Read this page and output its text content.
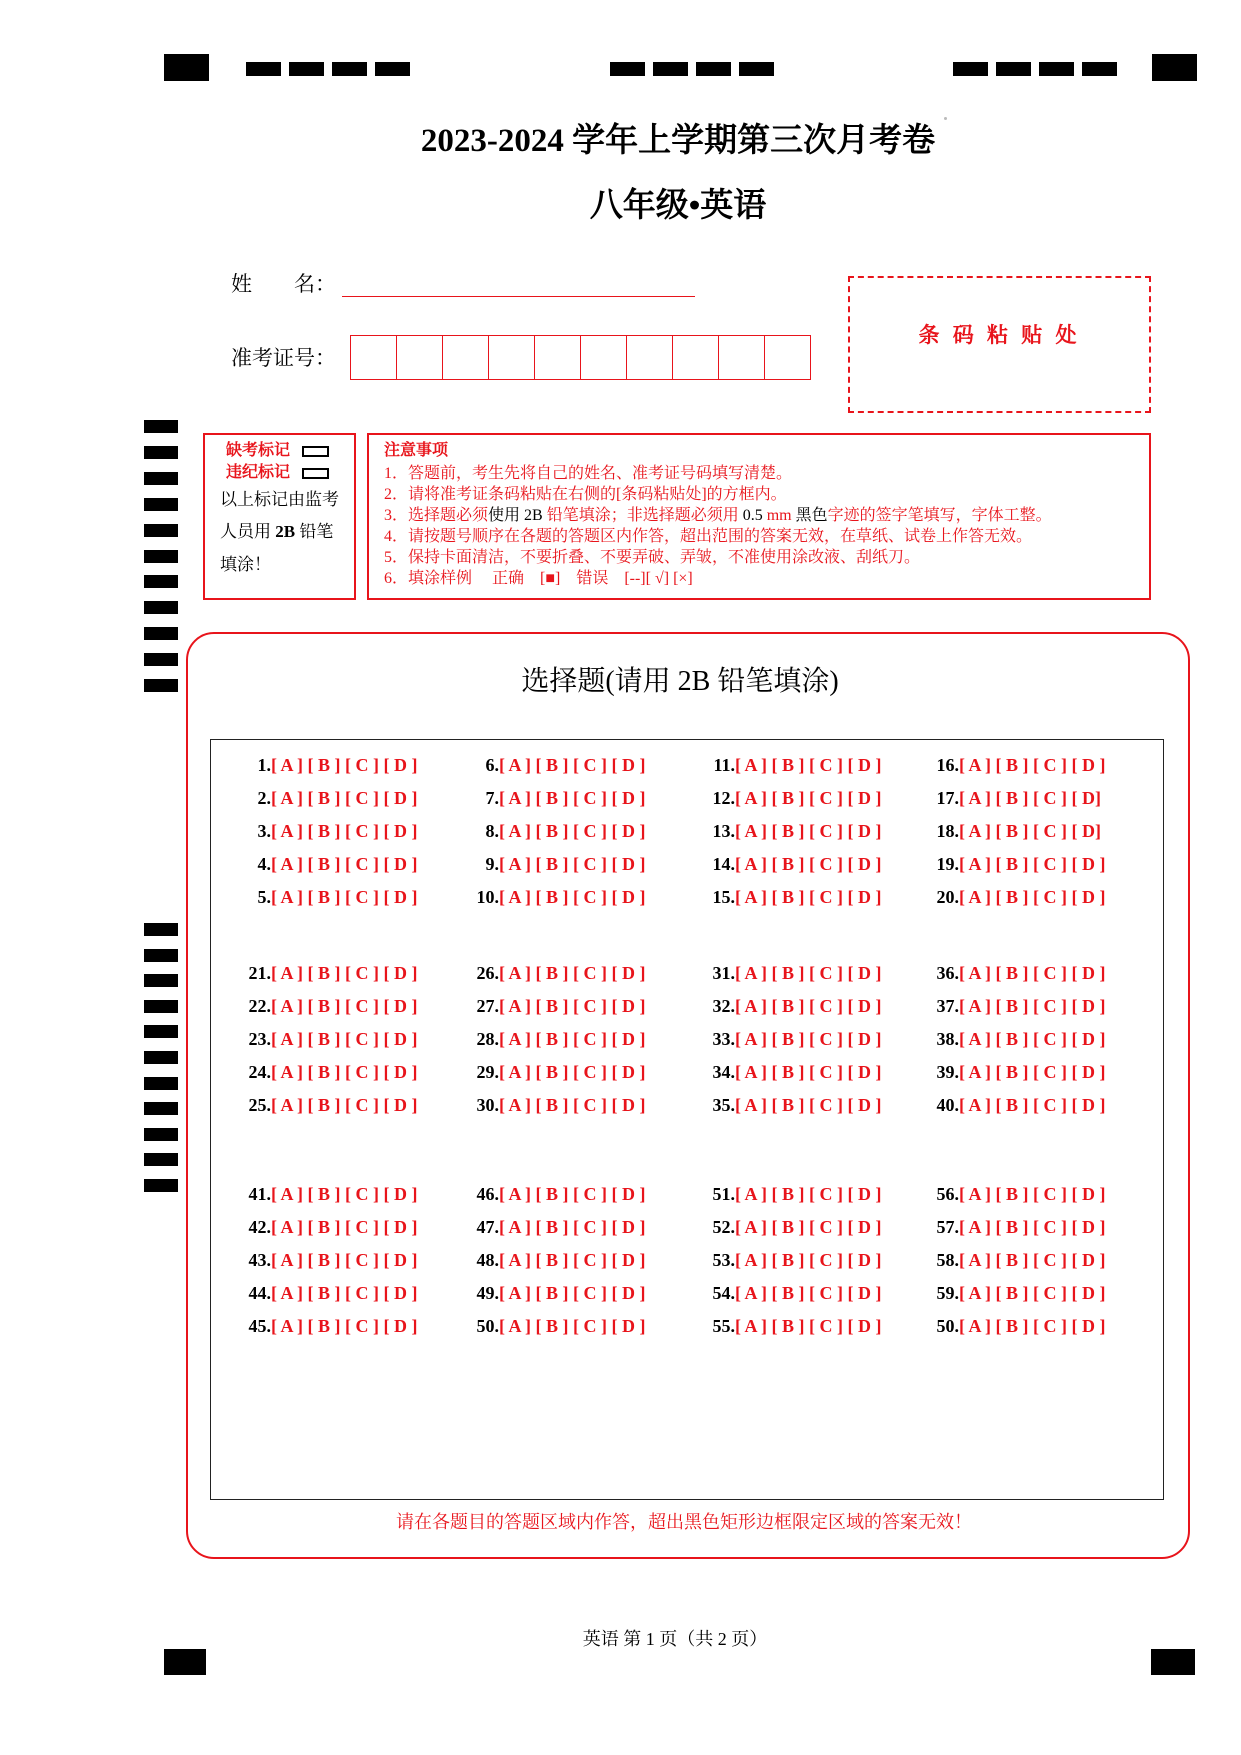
2023-2024 学年上学期第三次月考卷
八年级•英语
姓　　名：
准考证号：
条 码 粘 贴 处
缺考标记
违纪标记
以上标记由监考
人员用 2B 铅笔
填涂！
注意事项
1．答题前，考生先将自己的姓名、准考证号码填写清楚。
2．请将准考证条码粘贴在右侧的[条码粘贴处]的方框内。
3．选择题必须使用 2B 铅笔填涂；非选择题必须用 0.5 mm 黑色字迹的签字笔填写，字体工整。
4．请按题号顺序在各题的答题区内作答，超出范围的答案无效，在草纸、试卷上作答无效。
5．保持卡面清洁，不要折叠、不要弄破、弄皱，不准使用涂改液、刮纸刀。
6．填涂样例　 正确　[■]　错误　[--][ √] [×]
选择题(请用 2B 铅笔填涂)
1. [ A ] [ B ] [ C ] [ D ]
2. [ A ] [ B ] [ C ] [ D ]
3. [ A ] [ B ] [ C ] [ D ]
4. [ A ] [ B ] [ C ] [ D ]
5. [ A ] [ B ] [ C ] [ D ]
6. [ A ] [ B ] [ C ] [ D ]
7. [ A ] [ B ] [ C ] [ D ]
8. [ A ] [ B ] [ C ] [ D ]
9. [ A ] [ B ] [ C ] [ D ]
10. [ A ] [ B ] [ C ] [ D ]
11. [ A ] [ B ] [ C ] [ D ]
12. [ A ] [ B ] [ C ] [ D ]
13. [ A ] [ B ] [ C ] [ D ]
14. [ A ] [ B ] [ C ] [ D ]
15. [ A ] [ B ] [ C ] [ D ]
16. [ A ] [ B ] [ C ] [ D ]
17. [ A ] [ B ] [ C ] [ D]
18. [ A ] [ B ] [ C ] [ D]
19. [ A ] [ B ] [ C ] [ D ]
20. [ A ] [ B ] [ C ] [ D ]
21. [ A ] [ B ] [ C ] [ D ]
22. [ A ] [ B ] [ C ] [ D ]
23. [ A ] [ B ] [ C ] [ D ]
24. [ A ] [ B ] [ C ] [ D ]
25. [ A ] [ B ] [ C ] [ D ]
26. [ A ] [ B ] [ C ] [ D ]
27. [ A ] [ B ] [ C ] [ D ]
28. [ A ] [ B ] [ C ] [ D ]
29. [ A ] [ B ] [ C ] [ D ]
30. [ A ] [ B ] [ C ] [ D ]
31. [ A ] [ B ] [ C ] [ D ]
32. [ A ] [ B ] [ C ] [ D ]
33. [ A ] [ B ] [ C ] [ D ]
34. [ A ] [ B ] [ C ] [ D ]
35. [ A ] [ B ] [ C ] [ D ]
36. [ A ] [ B ] [ C ] [ D ]
37. [ A ] [ B ] [ C ] [ D ]
38. [ A ] [ B ] [ C ] [ D ]
39. [ A ] [ B ] [ C ] [ D ]
40. [ A ] [ B ] [ C ] [ D ]
41. [ A ] [ B ] [ C ] [ D ]
42. [ A ] [ B ] [ C ] [ D ]
43. [ A ] [ B ] [ C ] [ D ]
44. [ A ] [ B ] [ C ] [ D ]
45. [ A ] [ B ] [ C ] [ D ]
46. [ A ] [ B ] [ C ] [ D ]
47. [ A ] [ B ] [ C ] [ D ]
48. [ A ] [ B ] [ C ] [ D ]
49. [ A ] [ B ] [ C ] [ D ]
50. [ A ] [ B ] [ C ] [ D ]
51. [ A ] [ B ] [ C ] [ D ]
52. [ A ] [ B ] [ C ] [ D ]
53. [ A ] [ B ] [ C ] [ D ]
54. [ A ] [ B ] [ C ] [ D ]
55. [ A ] [ B ] [ C ] [ D ]
56. [ A ] [ B ] [ C ] [ D ]
57. [ A ] [ B ] [ C ] [ D ]
58. [ A ] [ B ] [ C ] [ D ]
59. [ A ] [ B ] [ C ] [ D ]
50. [ A ] [ B ] [ C ] [ D ]
请在各题目的答题区域内作答，超出黑色矩形边框限定区域的答案无效！
英语 第 1 页（共 2 页）
